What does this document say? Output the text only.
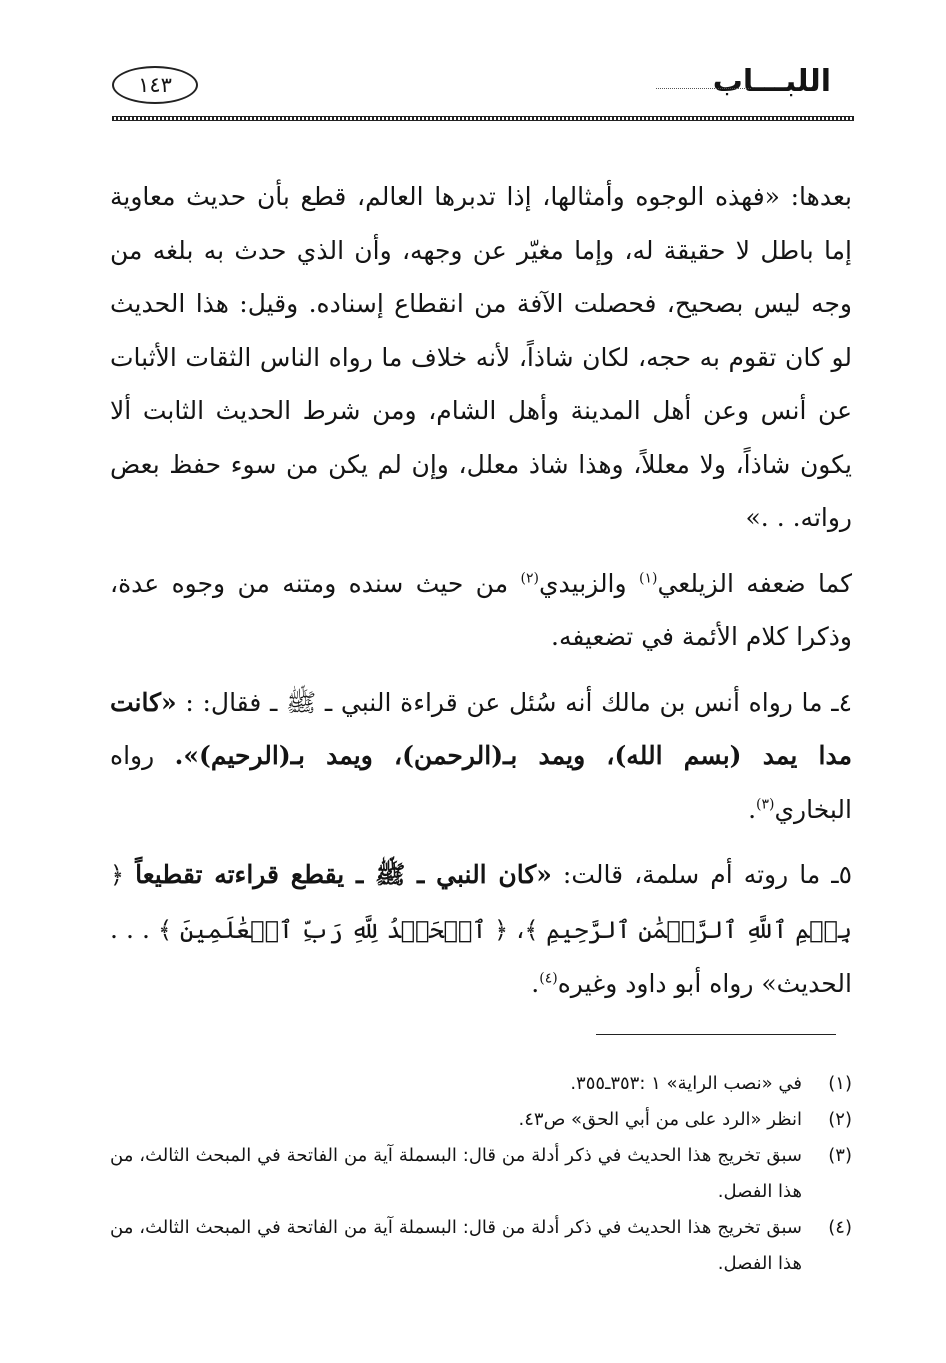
اللبـــاب
١٤٣

بعدها: «فهذه الوجوه وأمثالها، إذا تدبرها العالم، قطع بأن حديث معاوية إما باطل لا حقيقة له، وإما مغيّر عن وجهه، وأن الذي حدث به بلغه من وجه ليس بصحيح، فحصلت الآفة من انقطاع إسناده. وقيل: هذا الحديث لو كان تقوم به حجه، لكان شاذاً، لأنه خلاف ما رواه الناس الثقات الأثبات عن أنس وعن أهل المدينة وأهل الشام، ومن شرط الحديث الثابت ألا يكون شاذاً، ولا معللاً، وهذا شاذ معلل، وإن لم يكن من سوء حفظ بعض رواته. . .»

كما ضعفه الزيلعي$^{(١)}$ والزبيدي$^{(٢)}$ من حيث سنده ومتنه من وجوه عدة، وذكرا كلام الأئمة في تضعيفه.

٤ـ ما رواه أنس بن مالك أنه سُئل عن قراءة النبي ـ ﷺ ـ فقال: : «كانت مدا يمد (بسم الله)، ويمد بـ(الرحمن)، ويمد بـ(الرحيم)». رواه البخاري$^{(٣)}$.

٥ـ ما روته أم سلمة، قالت: «كان النبي ـ ﷺ ـ يقطع قراءته تقطيعاً ﴿ بِسۡمِ ٱللَّهِ ٱلرَّحۡمَٰنِ ٱلرَّحِيمِ ﴾، ﴿ ٱلۡحَمۡدُ لِلَّهِ رَبِّ ٱلۡعَٰلَمِينَ ﴾ . . . الحديث» رواه أبو داود وغيره$^{(٤)}$.

(١)
في «نصب الراية» ١ :٣٥٣ـ٣٥٥.
(٢)
انظر «الرد على من أبي الحق» ص٤٣.
(٣)
سبق تخريج هذا الحديث في ذكر أدلة من قال: البسملة آية من الفاتحة في المبحث الثالث، من هذا الفصل.
(٤)
سبق تخريج هذا الحديث في ذكر أدلة من قال: البسملة آية من الفاتحة في المبحث الثالث، من هذا الفصل.
